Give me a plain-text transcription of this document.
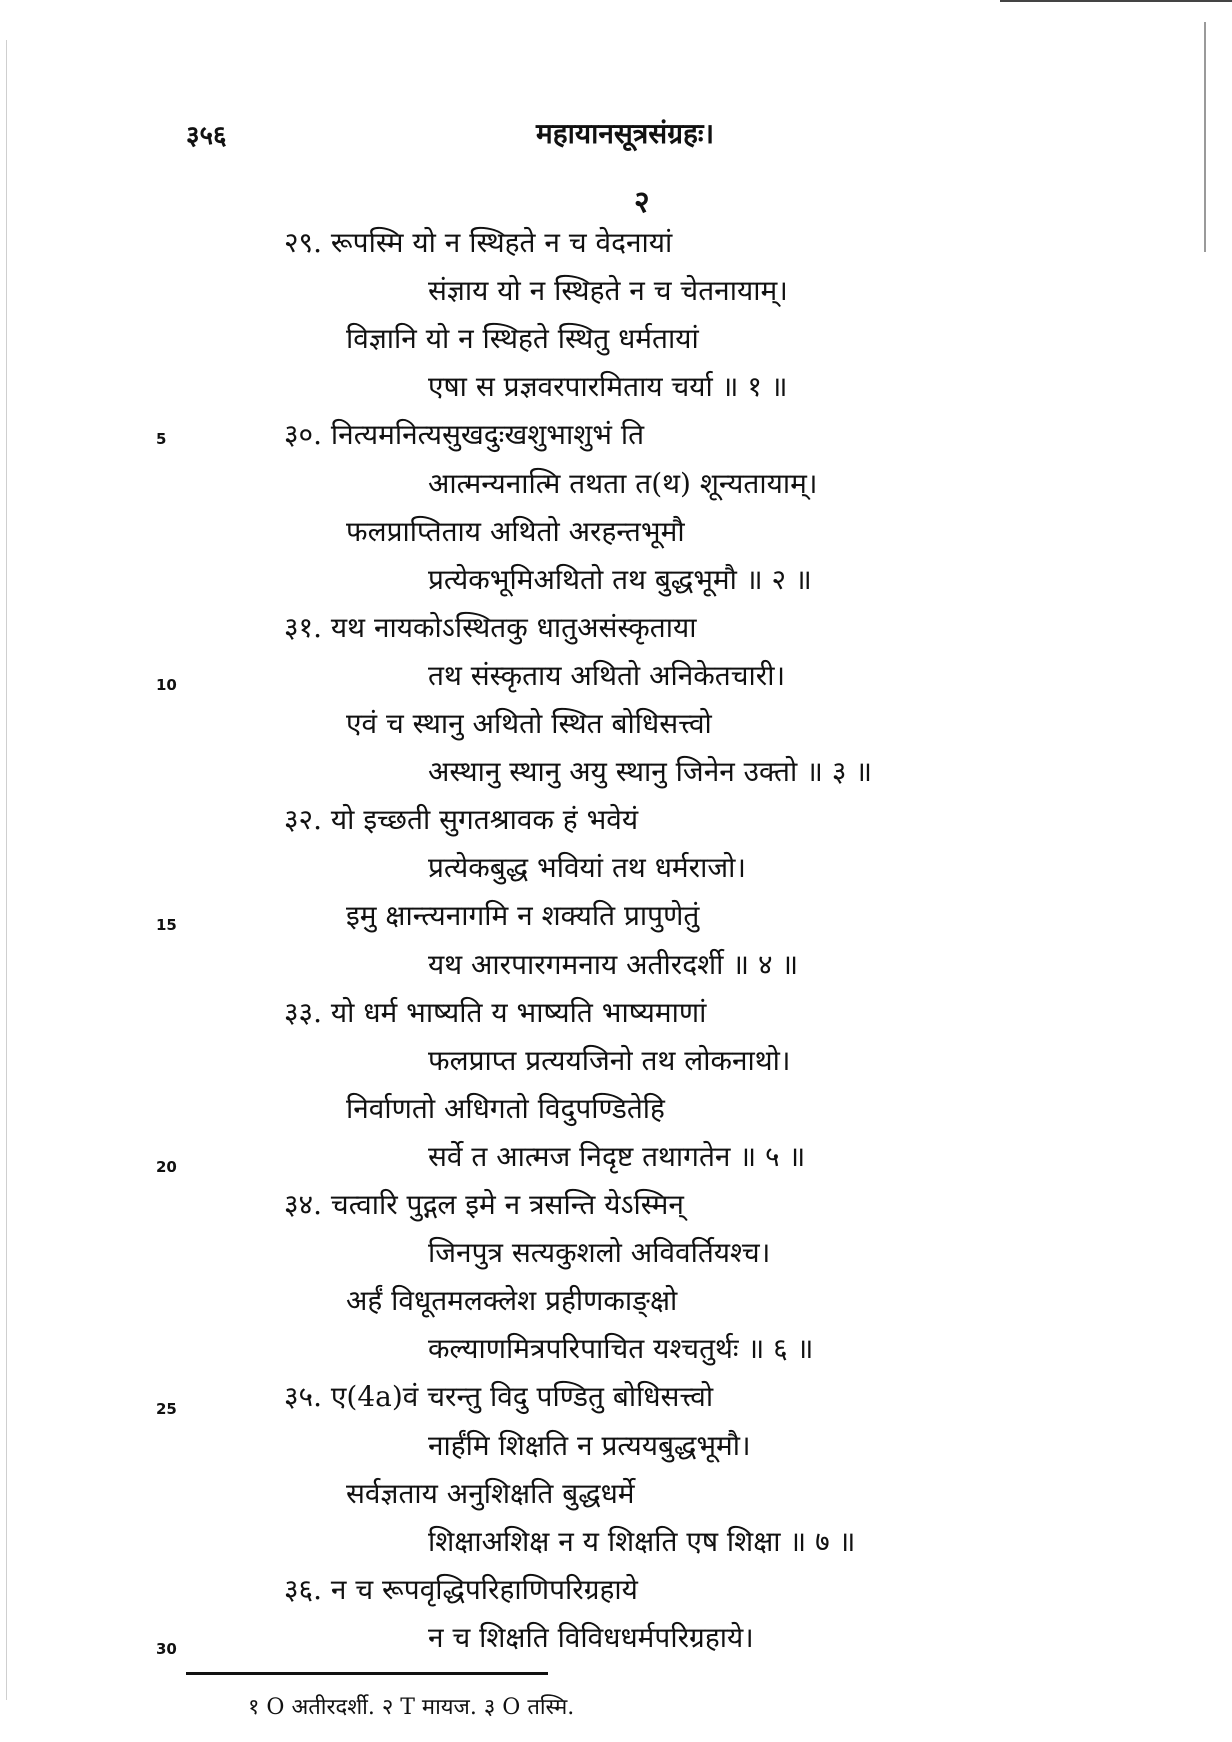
३५६	महायानसूत्रसंग्रहः।
२
२९. रूपस्मि यो न स्थिहते न च वेदनायां
संज्ञाय यो न स्थिहते न च चेतनायाम्।
विज्ञानि यो न स्थिहते स्थितु धर्मतायां
एषा स प्रज्ञवरपारमिताय चर्या ॥ १ ॥
३०. नित्यमनित्यसुखदुःखशुभाशुभं ति
आत्मन्यनात्मि तथता त(थ) शून्यतायाम्।
फलप्राप्तिताय अथितो अरहन्तभूमौ
प्रत्येकभूमिअथितो तथ बुद्धभूमौ ॥ २ ॥
३१. यथ नायकोऽस्थितकु धातुअसंस्कृताया
तथ संस्कृताय अथितो अनिकेतचारी।
एवं च स्थानु अथितो स्थित बोधिसत्त्वो
अस्थानु स्थानु अयु स्थानु जिनेन उक्तो ॥ ३ ॥
३२. यो इच्छती सुगतश्रावक हं भवेयं
प्रत्येकबुद्ध भवियां तथ धर्मराजो।
इमु क्षान्त्यनागमि न शक्यति प्रापुणेतुं
यथ आरपारगमनाय अतीरदर्शी ॥ ४ ॥
३३. यो धर्म भाष्यति य भाष्यति भाष्यमाणां
फलप्राप्त प्रत्ययजिनो तथ लोकनाथो।
निर्वाणतो अधिगतो विदुपण्डितेहि
सर्वे त आत्मज निदृष्ट तथागतेन ॥ ५ ॥
३४. चत्वारि पुद्गल इमे न त्रसन्ति येऽस्मिन्
जिनपुत्र सत्यकुशलो अविवर्तियश्च।
अर्हं विधूतमलक्लेश प्रहीणकाङ्क्षो
कल्याणमित्रपरिपाचित यश्चतुर्थः ॥ ६ ॥
३५. ए(4a)वं चरन्तु विदु पण्डितु बोधिसत्त्वो
नार्हंमि शिक्षति न प्रत्ययबुद्धभूमौ।
सर्वज्ञताय अनुशिक्षति बुद्धधर्मे
शिक्षाअशिक्ष न य शिक्षति एष शिक्षा ॥ ७ ॥
३६. न च रूपवृद्धिपरिहाणिपरिग्रहाये
न च शिक्षति विविधधर्मपरिग्रहाये।
5
10
15
20
25
30
१ O अतीरदर्शी. २ T मायज. ३ O तस्मि.
